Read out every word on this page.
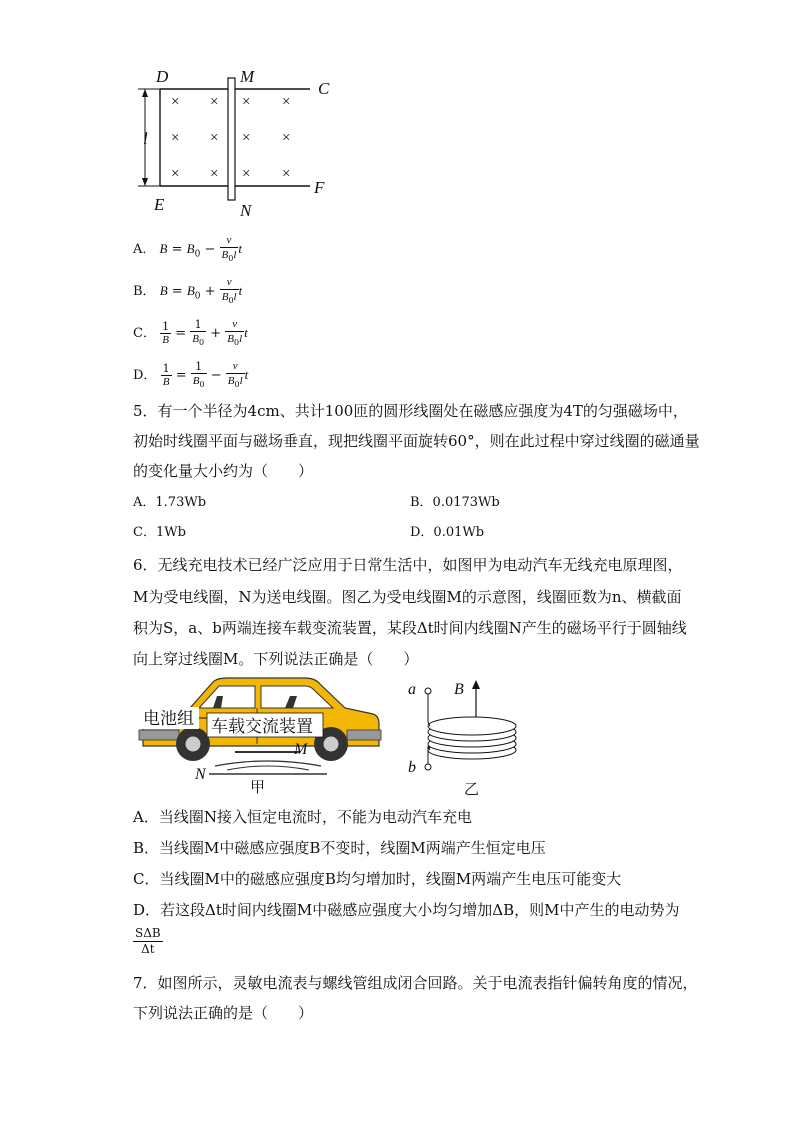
× × × ×
× × × ×
× × × ×
D	M
C
E	N
F
l
A． $B = B_0 - \frac{v}{B_0l}$ t
B． $B = B_0 + \frac{v}{B_0l}$ t
C． $\frac{1}{B} = \frac{1}{B_0} + \frac{v}{B_0l}$ t
D． $\frac{1}{B} = \frac{1}{B_0} - \frac{v}{B_0l}$ t
5．有一个半径为4cm、共计100匝的圆形线圈处在磁感应强度为4T的匀强磁场中，
初始时线圈平面与磁场垂直，现把线圈平面旋转60°，则在此过程中穿过线圈的磁通量
的变化量大小约为（　　）
A．1.73Wb	B．0.0173Wb
C．1Wb	D．0.01Wb
6．无线充电技术已经广泛应用于日常生活中，如图甲为电动汽车无线充电原理图，
M为受电线圈，N为送电线圈。图乙为受电线圈M的示意图，线圈匝数为n、横截面
积为S，a、b两端连接车载变流装置，某段Δt时间内线圈N产生的磁场平行于圆轴线
向上穿过线圈M。下列说法正确是（　　）
电池组 车载交流装置
M
N
甲
a
b
B
乙
A．当线圈N接入恒定电流时，不能为电动汽车充电
B．当线圈M中磁感应强度B不变时，线圈M两端产生恒定电压
C．当线圈M中的磁感应强度B均匀增加时，线圈M两端产生电压可能变大
D．若这段Δt时间内线圈M中磁感应强度大小均匀增加ΔB，则M中产生的电动势为
$\frac{\text{SΔB}}{\Delta t}$
7．如图所示，灵敏电流表与螺线管组成闭合回路。关于电流表指针偏转角度的情况，
下列说法正确的是（　　）
